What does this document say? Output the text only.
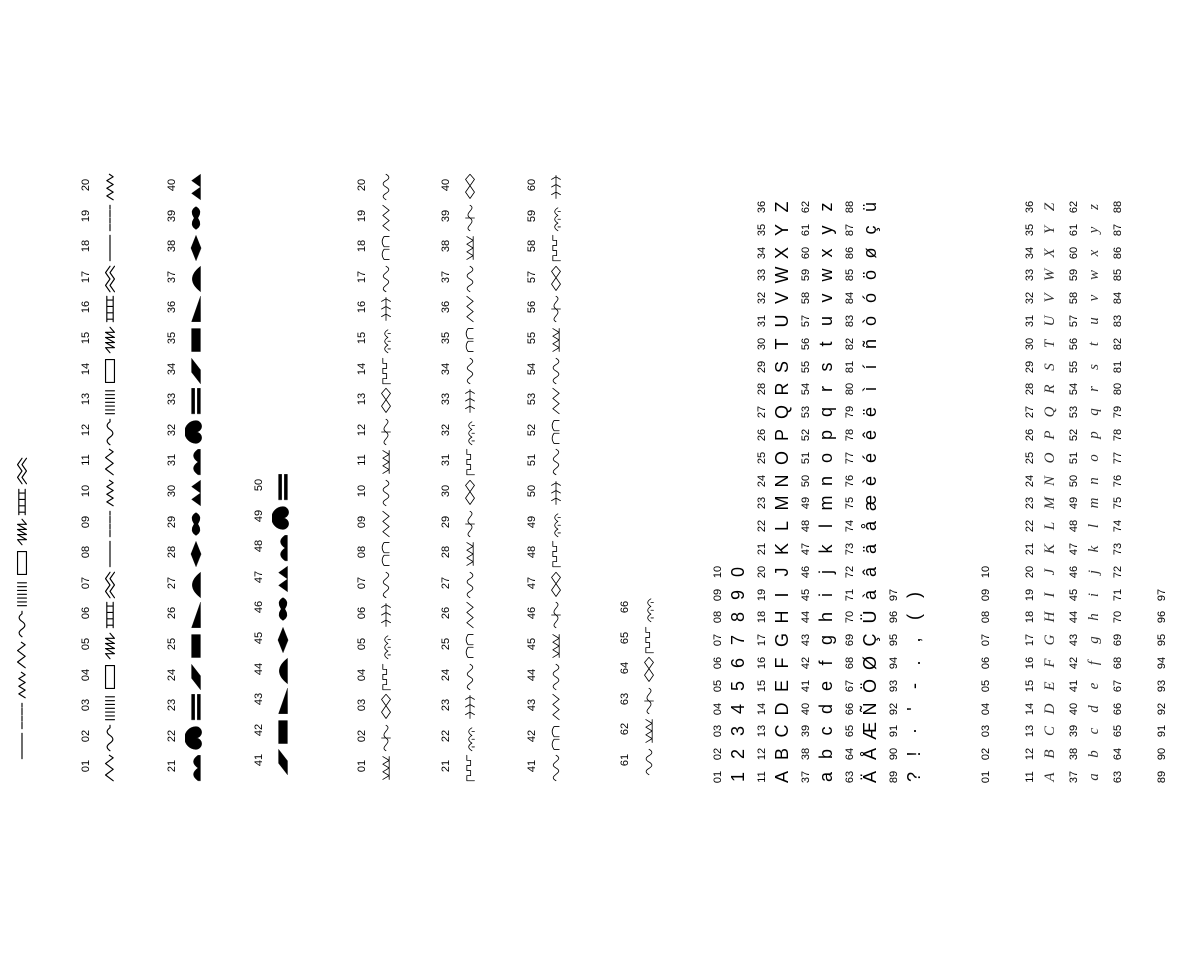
01
02
03
04
05
06
07
08
09
10
11
12
13
14
15
16
17
18
19
20
21
22
23
24
25
26
27
28
29
30
31
32
33
34
35
36
37
38
39
40
41
42
43
44
45
46
47
48
49
50
01
02
03
04
05
06
07
08
09
10
11
12
13
14
15
16
17
18
19
20
21
22
23
24
25
26
27
28
29
30
31
32
33
34
35
36
37
38
39
40
41
42
43
44
45
46
47
48
49
50
51
52
53
54
55
56
57
58
59
60
61
62
63
64
65
66
01 1
02 2
03 3
04 4
05 5
06 6
07 7
08 8
09 9
10 0
11 A
12 B
13 C
14 D
15 E
16 F
17 G
18 H
19 I
20 J
21 K
22 L
23 M
24 N
25 O
26 P
27 Q
28 R
29 S
30 T
31 U
32 V
33 W
34 X
35 Y
36 Z
37 a
38 b
39 c
40 d
41 e
42 f
43 g
44 h
45 i
46 j
47 k
48 l
49 m
50 n
51 o
52 p
53 q
54 r
55 s
56 t
57 u
58 v
59 w
60 x
61 y
62 z
63 Ä
64 Å
65 Æ
66 Ñ
67 Ö
68 Ø
69 Ç
70 Ü
71 à
72 â
73 ä
74 å
75 æ
76 è
77 é
78 ê
79 ë
80 ì
81 í
82 ñ
83 ò
84 ó
85 ö
86 ø
87 ç
88 ü
89 ?
90 !
91 ·
92 '
93 -
94 .
95 ,
96 (
97 )
01
02
03
04
05
06
07
08
09
10
11 A
12 B
13 C
14 D
15 E
16 F
17 G
18 H
19 I
20 J
21 K
22 L
23 M
24 N
25 O
26 P
27 Q
28 R
29 S
30 T
31 U
32 V
33 W
34 X
35 Y
36 Z
37 a
38 b
39 c
40 d
41 e
42 f
43 g
44 h
45 i
46 j
47 k
48 l
49 m
50 n
51 o
52 p
53 q
54 r
55 s
56 t
57 u
58 v
59 w
60 x
61 y
62 z
63
64
65
66
67
68
69
70
71
72
73
74
75
76
77
78
79
80
81
82
83
84
85
86
87
88
89
90
91
92
93
94
95
96
97
